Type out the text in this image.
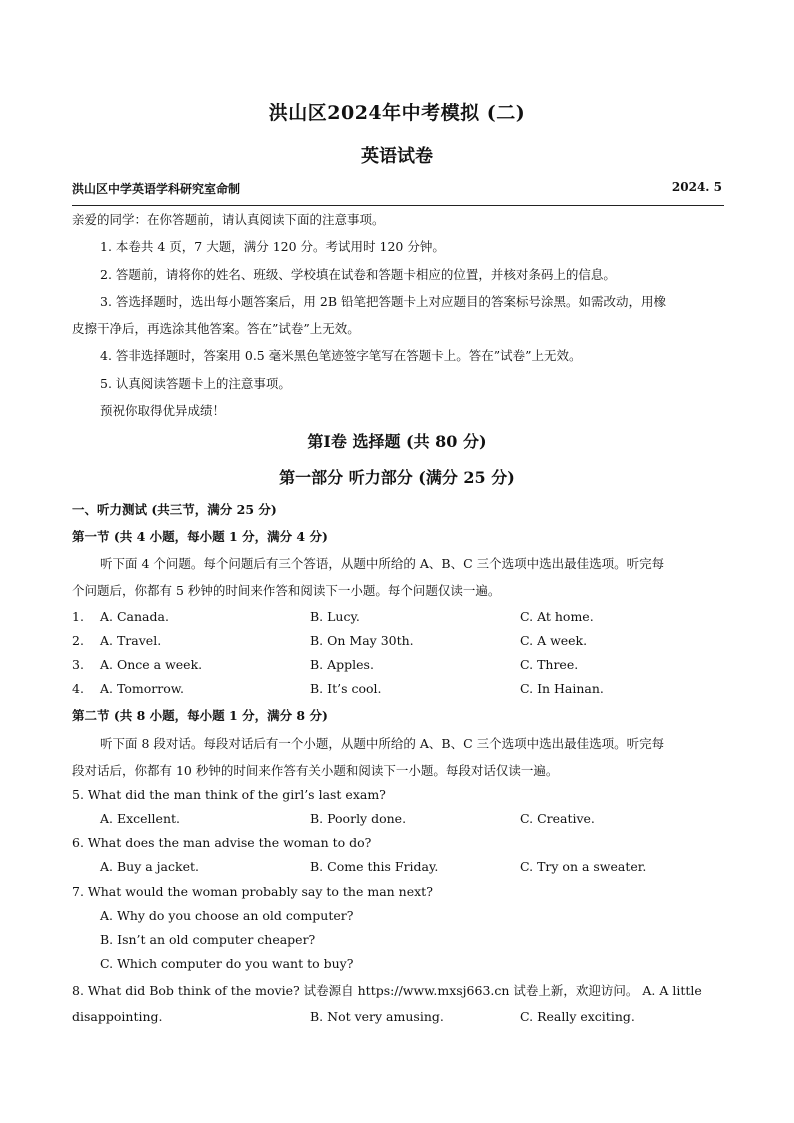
洪山区2024年中考模拟 (二)
英语试卷
洪山区中学英语学科研究室命制	2024. 5
亲爱的同学：在你答题前，请认真阅读下面的注意事项。
1. 本卷共 4 页，7 大题，满分 120 分。考试用时 120 分钟。
2. 答题前，请将你的姓名、班级、学校填在试卷和答题卡相应的位置，并核对条码上的信息。
3. 答选择题时，选出每小题答案后，用 2B 铅笔把答题卡上对应题目的答案标号涂黑。如需改动，用橡
皮擦干净后，再选涂其他答案。答在”试卷”上无效。
4. 答非选择题时，答案用 0.5 毫米黑色笔迹签字笔写在答题卡上。答在”试卷”上无效。
5. 认真阅读答题卡上的注意事项。
预祝你取得优异成绩！
第Ⅰ卷 选择题 (共 80 分)
第一部分 听力部分 (满分 25 分)
一、听力测试 (共三节，满分 25 分)
第一节 (共 4 小题，每小题 1 分，满分 4 分)
听下面 4 个问题。每个问题后有三个答语，从题中所给的 A、B、C 三个选项中选出最佳选项。听完每
个问题后，你都有 5 秒钟的时间来作答和阅读下一小题。每个问题仅读一遍。
1. A. Canada.	B. Lucy.	C. At home.
2. A. Travel.	B. On May 30th.	C. A week.
3. A. Once a week.	B. Apples.	C. Three.
4. A. Tomorrow.	B. It’s cool.	C. In Hainan.
第二节 (共 8 小题，每小题 1 分，满分 8 分)
听下面 8 段对话。每段对话后有一个小题，从题中所给的 A、B、C 三个选项中选出最佳选项。听完每
段对话后，你都有 10 秒钟的时间来作答有关小题和阅读下一小题。每段对话仅读一遍。
5. What did the man think of the girl’s last exam?
A. Excellent.	B. Poorly done.	C. Creative.
6. What does the man advise the woman to do?
A. Buy a jacket.	B. Come this Friday.	C. Try on a sweater.
7. What would the woman probably say to the man next?
A. Why do you choose an old computer?
B. Isn’t an old computer cheaper?
C. Which computer do you want to buy?
8. What did Bob think of the movie? 试卷源自 https://www.mxsj663.cn 试卷上新，欢迎访问。 A. A little
disappointing.	B. Not very amusing.	C. Really exciting.
